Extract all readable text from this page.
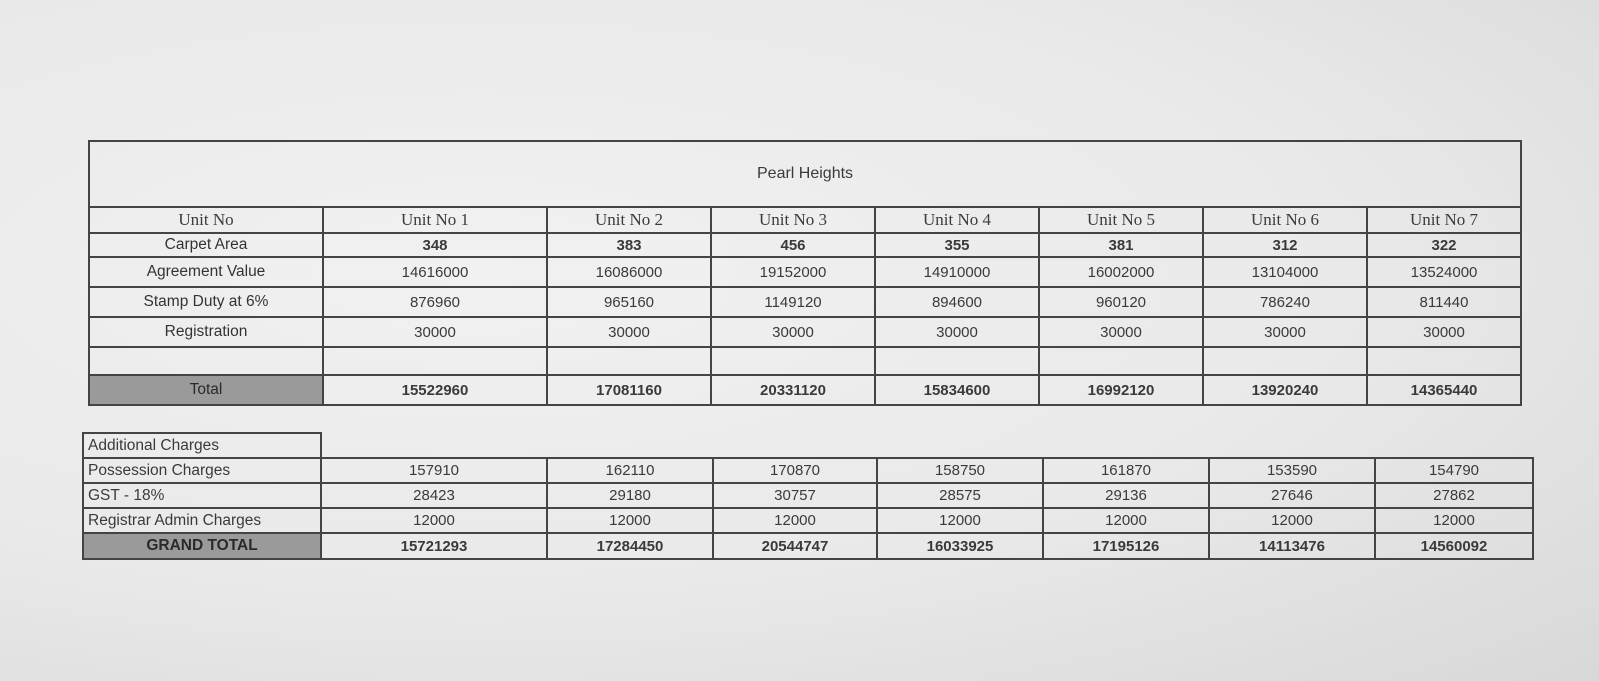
Pearl Heights							
Unit No	Unit No 1	Unit No 2	Unit No 3	Unit No 4	Unit No 5	Unit No 6	Unit No 7
Carpet Area	348	383	456	355	381	312	322
Agreement Value	14616000	16086000	19152000	14910000	16002000	13104000	13524000
Stamp Duty at 6%	876960	965160	1149120	894600	960120	786240	811440
Registration	30000	30000	30000	30000	30000	30000	30000

Total	15522960	17081160	20331120	15834600	16992120	13920240	14365440
Additional Charges							
Possession Charges	157910	162110	170870	158750	161870	153590	154790
GST - 18%	28423	29180	30757	28575	29136	27646	27862
Registrar Admin Charges	12000	12000	12000	12000	12000	12000	12000
GRAND TOTAL	15721293	17284450	20544747	16033925	17195126	14113476	14560092
